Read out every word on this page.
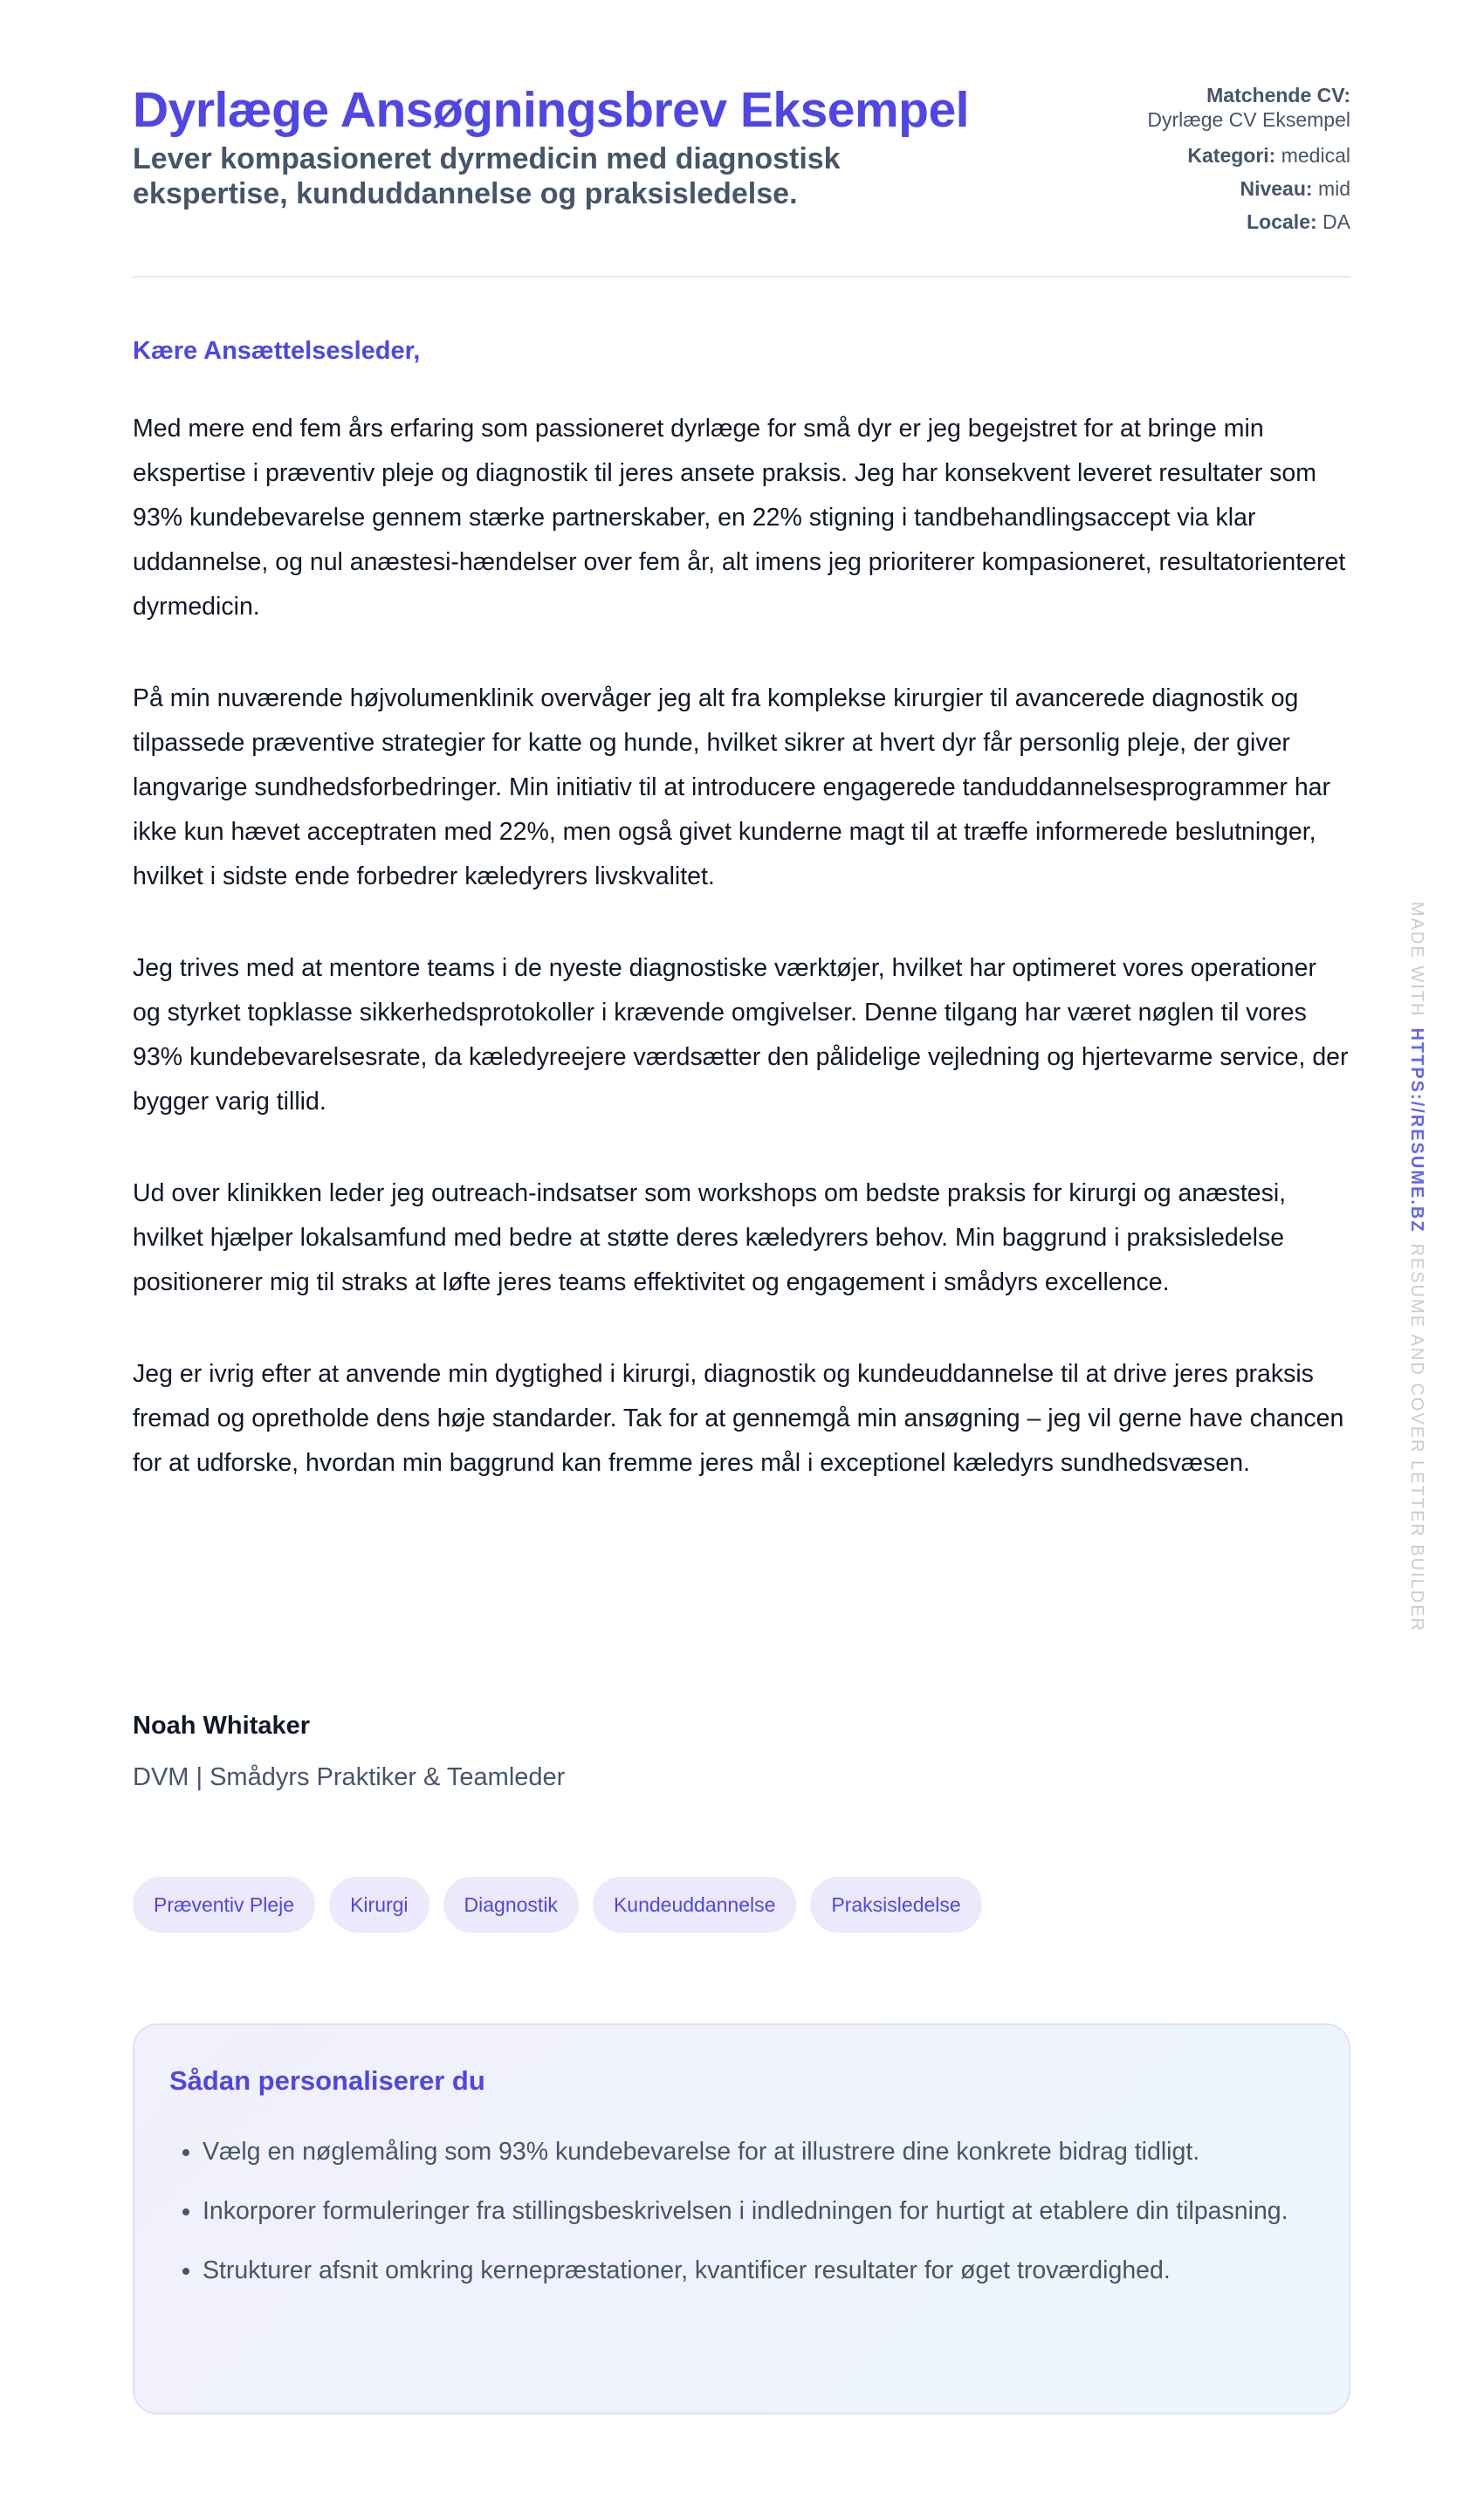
Dyrlæge Ansøgningsbrev Eksempel
Lever kompasioneret dyrmedicin med diagnostisk ekspertise, kunduddannelse og praksisledelse.
Matchende CV:
Dyrlæge CV Eksempel
Kategori: medical
Niveau: mid
Locale: DA

Kære Ansættelsesleder,

Med mere end fem års erfaring som passioneret dyrlæge for små dyr er jeg begejstret for at bringe min ekspertise i præventiv pleje og diagnostik til jeres ansete praksis. Jeg har konsekvent leveret resultater som 93% kundebevarelse gennem stærke partnerskaber, en 22% stigning i tandbehandlingsaccept via klar uddannelse, og nul anæstesi-hændelser over fem år, alt imens jeg prioriterer kompasioneret, resultatorienteret dyrmedicin.

På min nuværende højvolumenklinik overvåger jeg alt fra komplekse kirurgier til avancerede diagnostik og tilpassede præventive strategier for katte og hunde, hvilket sikrer at hvert dyr får personlig pleje, der giver langvarige sundhedsforbedringer. Min initiativ til at introducere engagerede tanduddannelsesprogrammer har ikke kun hævet acceptraten med 22%, men også givet kunderne magt til at træffe informerede beslutninger, hvilket i sidste ende forbedrer kæledyrers livskvalitet.

Jeg trives med at mentore teams i de nyeste diagnostiske værktøjer, hvilket har optimeret vores operationer og styrket topklasse sikkerhedsprotokoller i krævende omgivelser. Denne tilgang har været nøglen til vores 93% kundebevarelsesrate, da kæledyreejere værdsætter den pålidelige vejledning og hjertevarme service, der bygger varig tillid.

Ud over klinikken leder jeg outreach-indsatser som workshops om bedste praksis for kirurgi og anæstesi, hvilket hjælper lokalsamfund med bedre at støtte deres kæledyrers behov. Min baggrund i praksisledelse positionerer mig til straks at løfte jeres teams effektivitet og engagement i smådyrs excellence.

Jeg er ivrig efter at anvende min dygtighed i kirurgi, diagnostik og kundeuddannelse til at drive jeres praksis fremad og opretholde dens høje standarder. Tak for at gennemgå min ansøgning – jeg vil gerne have chancen for at udforske, hvordan min baggrund kan fremme jeres mål i exceptionel kæledyrs sundhedsvæsen.

Noah Whitaker
DVM | Smådyrs Praktiker & Teamleder
Præventiv Pleje	Kirurgi	Diagnostik	Kundeuddannelse	Praksisledelse
Sådan personaliserer du
• Vælg en nøglemåling som 93% kundebevarelse for at illustrere dine konkrete bidrag tidligt.
• Inkorporer formuleringer fra stillingsbeskrivelsen i indledningen for hurtigt at etablere din tilpasning.
• Strukturer afsnit omkring kernepræstationer, kvantificer resultater for øget troværdighed.
MADE WITHHTTPS://RESUME.BZRESUME AND COVER LETTER BUILDER
